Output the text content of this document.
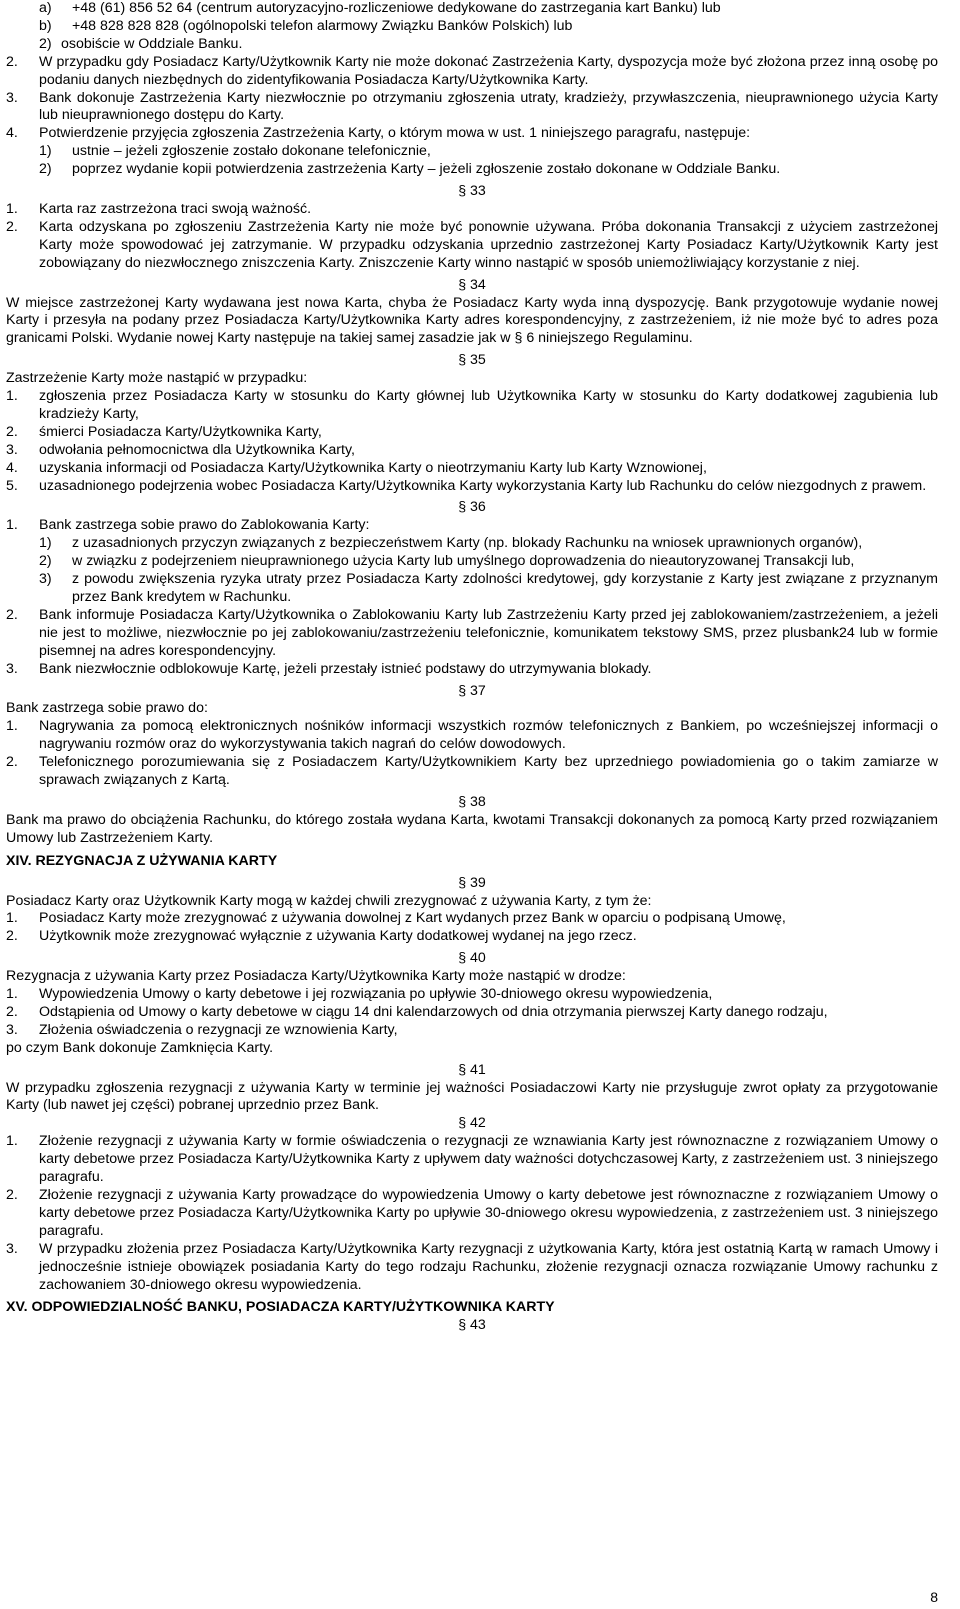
a)	+48 (61) 856 52 64 (centrum autoryzacyjno-rozliczeniowe dedykowane do zastrzegania kart Banku) lub
b)	+48 828 828 828 (ogólnopolski telefon alarmowy Związku Banków Polskich) lub
2) osobiście w Oddziale Banku.
2.	W przypadku gdy Posiadacz Karty/Użytkownik Karty nie może dokonać Zastrzeżenia Karty, dyspozycja może być złożona przez inną osobę po podaniu danych niezbędnych do zidentyfikowania Posiadacza Karty/Użytkownika Karty.
3.	Bank dokonuje Zastrzeżenia Karty niezwłocznie po otrzymaniu zgłoszenia utraty, kradzieży, przywłaszczenia, nieuprawnionego użycia Karty lub nieuprawnionego dostępu do Karty.
4.	Potwierdzenie przyjęcia zgłoszenia Zastrzeżenia Karty, o którym mowa w ust. 1 niniejszego paragrafu, następuje:
1)	ustnie – jeżeli zgłoszenie zostało dokonane telefonicznie,
2)	poprzez wydanie kopii potwierdzenia zastrzeżenia Karty – jeżeli zgłoszenie zostało dokonane w Oddziale Banku.

§ 33

1.	Karta raz zastrzeżona traci swoją ważność.
2.	Karta odzyskana po zgłoszeniu Zastrzeżenia Karty nie może być ponownie używana. Próba dokonania Transakcji z użyciem zastrzeżonej Karty może spowodować jej zatrzymanie. W przypadku odzyskania uprzednio zastrzeżonej Karty Posiadacz Karty/Użytkownik Karty jest zobowiązany do niezwłocznego zniszczenia Karty. Zniszczenie Karty winno nastąpić w sposób uniemożliwiający korzystanie z niej.

§ 34

W miejsce zastrzeżonej Karty wydawana jest nowa Karta, chyba że Posiadacz Karty wyda inną dyspozycję. Bank przygotowuje wydanie nowej Karty i przesyła na podany przez Posiadacza Karty/Użytkownika Karty adres korespondencyjny, z zastrzeżeniem, iż nie może być to adres poza granicami Polski. Wydanie nowej Karty następuje na takiej samej zasadzie jak w § 6 niniejszego Regulaminu.

§ 35

Zastrzeżenie Karty może nastąpić w przypadku:

1.	zgłoszenia przez Posiadacza Karty w stosunku do Karty głównej lub Użytkownika Karty w stosunku do Karty dodatkowej zagubienia lub kradzieży Karty,
2.	śmierci Posiadacza Karty/Użytkownika Karty,
3.	odwołania pełnomocnictwa dla Użytkownika Karty,
4.	uzyskania informacji od Posiadacza Karty/Użytkownika Karty o nieotrzymaniu Karty lub Karty Wznowionej,
5.	uzasadnionego podejrzenia wobec Posiadacza Karty/Użytkownika Karty wykorzystania Karty lub Rachunku do celów niezgodnych z prawem.

§ 36

1.	Bank zastrzega sobie prawo do Zablokowania Karty:
1)	z uzasadnionych przyczyn związanych z bezpieczeństwem Karty (np. blokady Rachunku na wniosek uprawnionych organów),
2)	w związku z podejrzeniem nieuprawnionego użycia Karty lub umyślnego doprowadzenia do nieautoryzowanej Transakcji lub,
3)	z powodu zwiększenia ryzyka utraty przez Posiadacza Karty zdolności kredytowej, gdy korzystanie z Karty jest związane z przyznanym przez Bank kredytem w Rachunku.
2.	Bank informuje Posiadacza Karty/Użytkownika o Zablokowaniu Karty lub Zastrzeżeniu Karty przed jej zablokowaniem/zastrzeżeniem, a jeżeli nie jest to możliwe, niezwłocznie po jej zablokowaniu/zastrzeżeniu telefonicznie, komunikatem tekstowy SMS, przez plusbank24 lub w formie pisemnej na adres korespondencyjny.
3.	Bank niezwłocznie odblokowuje Kartę, jeżeli przestały istnieć podstawy do utrzymywania blokady.

§ 37

Bank zastrzega sobie prawo do:

1.	Nagrywania za pomocą elektronicznych nośników informacji wszystkich rozmów telefonicznych z Bankiem, po wcześniejszej informacji o nagrywaniu rozmów oraz do wykorzystywania takich nagrań do celów dowodowych.
2.	Telefonicznego porozumiewania się z Posiadaczem Karty/Użytkownikiem Karty bez uprzedniego powiadomienia go o takim zamiarze w sprawach związanych z Kartą.

§ 38

Bank ma prawo do obciążenia Rachunku, do którego została wydana Karta, kwotami Transakcji dokonanych za pomocą Karty przed rozwiązaniem Umowy lub Zastrzeżeniem Karty.

XIV. REZYGNACJA Z UŻYWANIA KARTY

§ 39

Posiadacz Karty oraz Użytkownik Karty mogą w każdej chwili zrezygnować z używania Karty, z tym że:

1.	Posiadacz Karty może zrezygnować z używania dowolnej z Kart wydanych przez Bank w oparciu o podpisaną Umowę,
2.	Użytkownik może zrezygnować wyłącznie z używania Karty dodatkowej wydanej na jego rzecz.

§ 40

Rezygnacja z używania Karty przez Posiadacza Karty/Użytkownika Karty może nastąpić w drodze:

1.	Wypowiedzenia Umowy o karty debetowe i jej rozwiązania po upływie 30-dniowego okresu wypowiedzenia,
2.	Odstąpienia od Umowy o karty debetowe w ciągu 14 dni kalendarzowych od dnia otrzymania pierwszej Karty danego rodzaju,
3.	Złożenia oświadczenia o rezygnacji ze wznowienia Karty,

po czym Bank dokonuje Zamknięcia Karty.

§ 41

W przypadku zgłoszenia rezygnacji z używania Karty w terminie jej ważności Posiadaczowi Karty nie przysługuje zwrot opłaty za przygotowanie Karty (lub nawet jej części) pobranej uprzednio przez Bank.

§ 42

1.	Złożenie rezygnacji z używania Karty w formie oświadczenia o rezygnacji ze wznawiania Karty jest równoznaczne z rozwiązaniem Umowy o karty debetowe przez Posiadacza Karty/Użytkownika Karty z upływem daty ważności dotychczasowej Karty, z zastrzeżeniem ust. 3 niniejszego paragrafu.
2.	Złożenie rezygnacji z używania Karty prowadzące do wypowiedzenia Umowy o karty debetowe jest równoznaczne z rozwiązaniem Umowy o karty debetowe przez Posiadacza Karty/Użytkownika Karty po upływie 30-dniowego okresu wypowiedzenia, z zastrzeżeniem ust. 3 niniejszego paragrafu.
3.	W przypadku złożenia przez Posiadacza Karty/Użytkownika Karty rezygnacji z użytkowania Karty, która jest ostatnią Kartą w ramach Umowy i jednocześnie istnieje obowiązek posiadania Karty do tego rodzaju Rachunku, złożenie rezygnacji oznacza rozwiązanie Umowy rachunku z zachowaniem 30-dniowego okresu wypowiedzenia.

XV. ODPOWIEDZIALNOŚĆ BANKU, POSIADACZA KARTY/UŻYTKOWNIKA KARTY

§ 43

8
